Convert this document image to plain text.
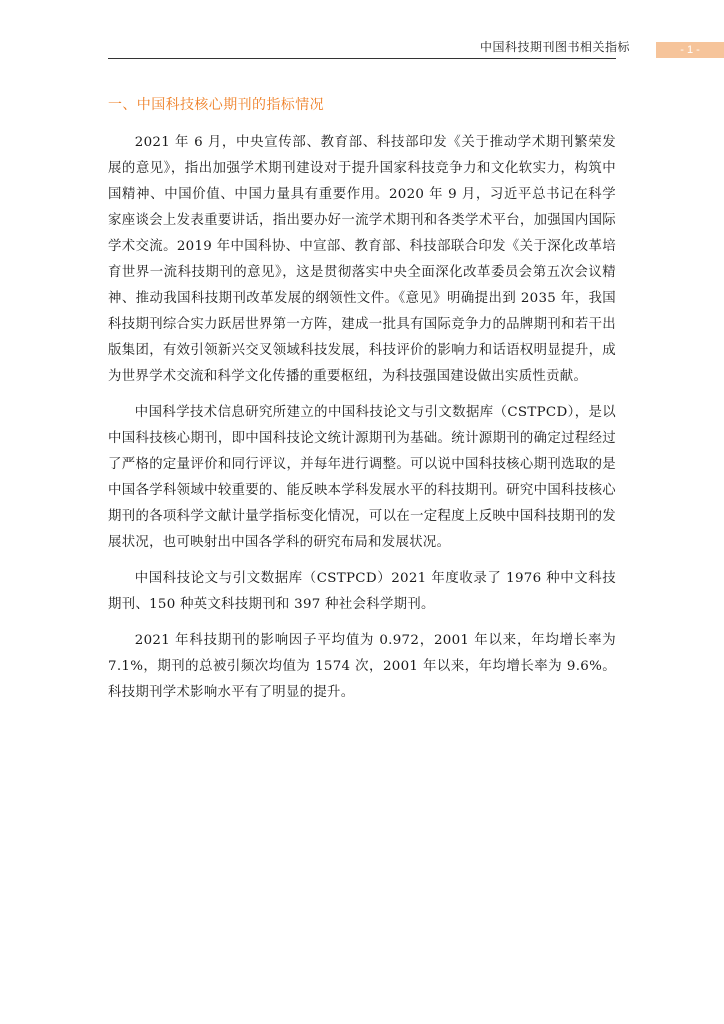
中国科技期刊图书相关指标	- 1 -
一、中国科技核心期刊的指标情况

2021 年 6 月，中央宣传部、教育部、科技部印发《关于推动学术期刊繁荣发展的意见》，指出加强学术期刊建设对于提升国家科技竞争力和文化软实力，构筑中国精神、中国价值、中国力量具有重要作用。2020 年 9 月，习近平总书记在科学家座谈会上发表重要讲话，指出要办好一流学术期刊和各类学术平台，加强国内国际学术交流。2019 年中国科协、中宣部、教育部、科技部联合印发《关于深化改革培育世界一流科技期刊的意见》，这是贯彻落实中央全面深化改革委员会第五次会议精神、推动我国科技期刊改革发展的纲领性文件。《意见》明确提出到 2035 年，我国科技期刊综合实力跃居世界第一方阵，建成一批具有国际竞争力的品牌期刊和若干出版集团，有效引领新兴交叉领域科技发展，科技评价的影响力和话语权明显提升，成为世界学术交流和科学文化传播的重要枢纽，为科技强国建设做出实质性贡献。

中国科学技术信息研究所建立的中国科技论文与引文数据库（CSTPCD），是以中国科技核心期刊，即中国科技论文统计源期刊为基础。统计源期刊的确定过程经过了严格的定量评价和同行评议，并每年进行调整。可以说中国科技核心期刊选取的是中国各学科领域中较重要的、能反映本学科发展水平的科技期刊。研究中国科技核心期刊的各项科学文献计量学指标变化情况，可以在一定程度上反映中国科技期刊的发展状况，也可映射出中国各学科的研究布局和发展状况。

中国科技论文与引文数据库（CSTPCD）2021 年度收录了 1976 种中文科技期刊、150 种英文科技期刊和 397 种社会科学期刊。

2021 年科技期刊的影响因子平均值为 0.972，2001 年以来，年均增长率为 7.1%，期刊的总被引频次均值为 1574 次，2001 年以来，年均增长率为 9.6%。科技期刊学术影响水平有了明显的提升。
